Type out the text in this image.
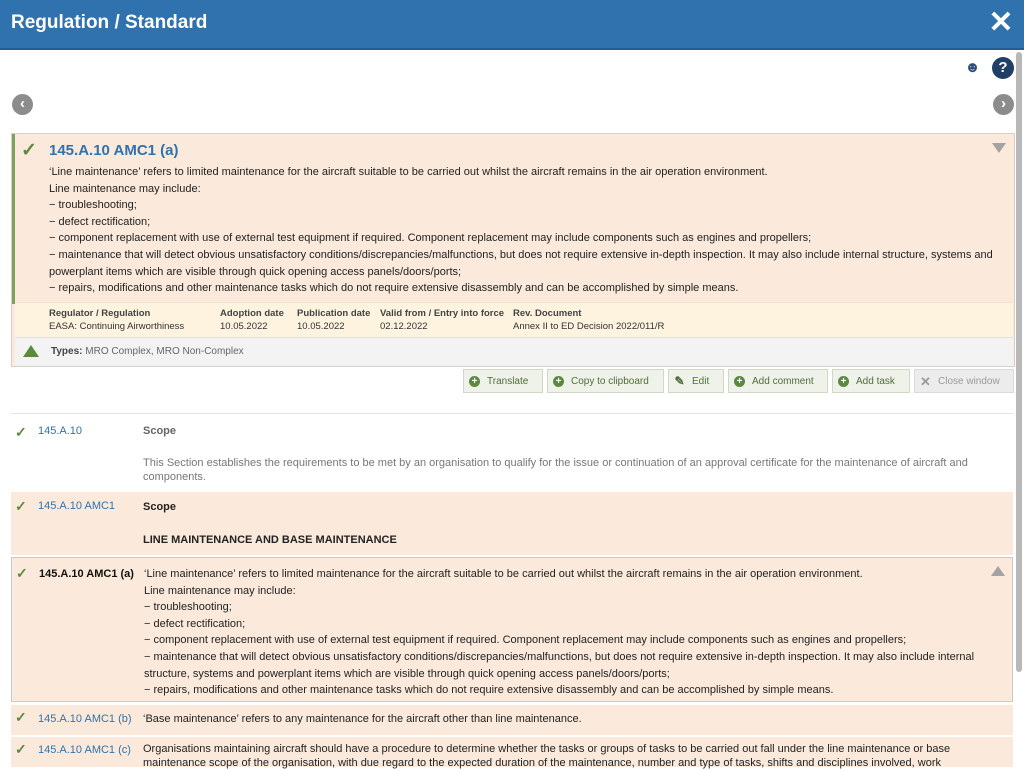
Regulation / Standard	✕
☻ ?
‹	›
✓ 145.A.10 AMC1 (a)

‘Line maintenance’ refers to limited maintenance for the aircraft suitable to be carried out whilst the aircraft remains in the air operation environment.

Line maintenance may include:

− troubleshooting;

− defect rectification;

− component replacement with use of external test equipment if required. Component replacement may include components such as engines and propellers;

− maintenance that will detect obvious unsatisfactory conditions/discrepancies/malfunctions, but does not require extensive in-depth inspection. It may also include internal structure, systems and powerplant items which are visible through quick opening access panels/doors/ports;

− repairs, modifications and other maintenance tasks which do not require extensive disassembly and can be accomplished by simple means.

Regulator / Regulation
EASA: Continuing Airworthiness
Adoption date
10.05.2022
Publication date
10.05.2022
Valid from / Entry into force
02.12.2022
Rev. Document
Annex II to ED Decision 2022/011/R
Types: MRO Complex, MRO Non-Complex
+ Translate	+ Copy to clipboard ✎ Edit	+ Add comment	+ Add task ✕ Close window
✓ 145.A.10	Scope
This Section establishes the requirements to be met by an organisation to qualify for the issue or continuation of an approval certificate for the maintenance of aircraft and components.
✓ 145.A.10 AMC1	Scope
LINE MAINTENANCE AND BASE MAINTENANCE
✓ 145.A.10 AMC1 (a) ‘Line maintenance’ refers to limited maintenance for the aircraft suitable to be carried out whilst the aircraft remains in the air operation environment.
Line maintenance may include:
− troubleshooting;
− defect rectification;
− component replacement with use of external test equipment if required. Component replacement may include components such as engines and propellers;
− maintenance that will detect obvious unsatisfactory conditions/discrepancies/malfunctions, but does not require extensive in-depth inspection. It may also include internal structure, systems and powerplant items which are visible through quick opening access panels/doors/ports;
− repairs, modifications and other maintenance tasks which do not require extensive disassembly and can be accomplished by simple means.
✓ 145.A.10 AMC1 (b) ‘Base maintenance’ refers to any maintenance for the aircraft other than line maintenance.
✓ 145.A.10 AMC1 (c) Organisations maintaining aircraft should have a procedure to determine whether the tasks or groups of tasks to be carried out fall under the line maintenance or base maintenance scope of the organisation, with due regard to the expected duration of the maintenance, number and type of tasks, shifts and disciplines involved, work
